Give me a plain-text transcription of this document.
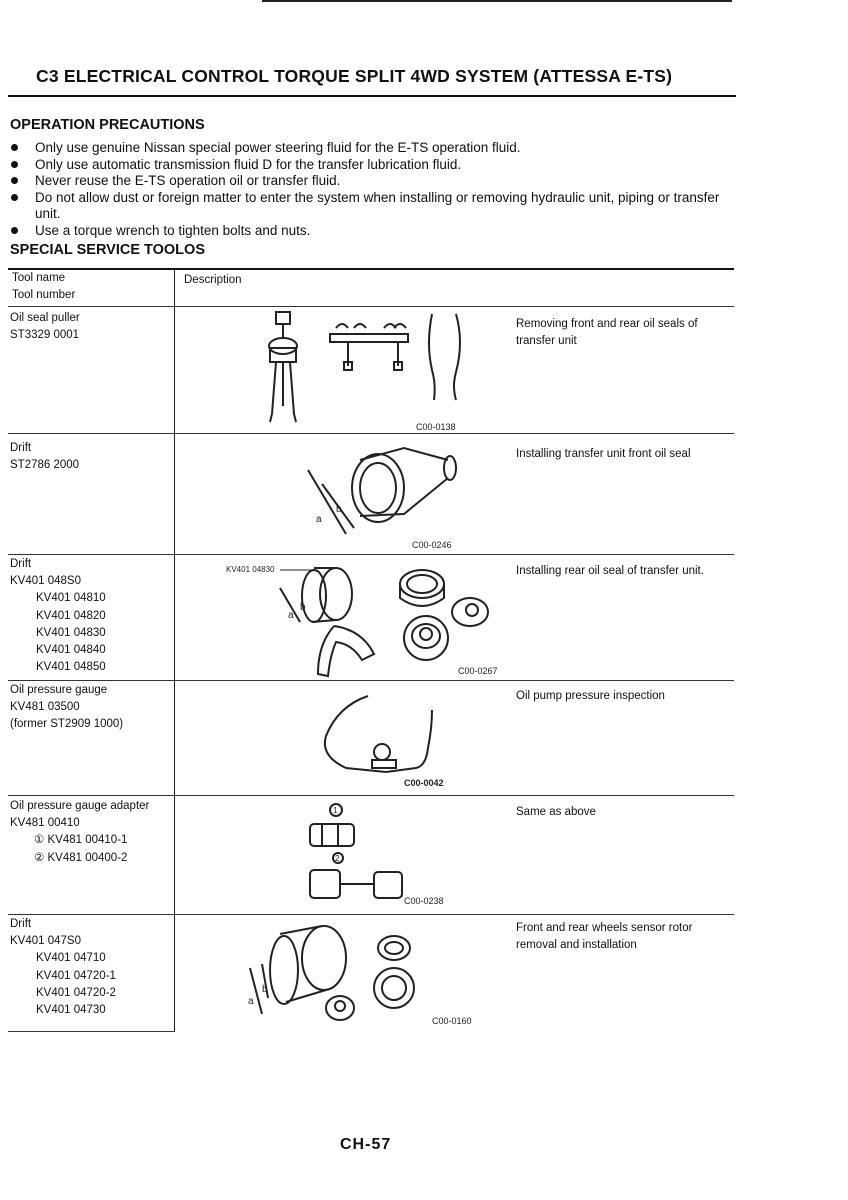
C3 ELECTRICAL CONTROL TORQUE SPLIT 4WD SYSTEM (ATTESSA E-TS)
OPERATION PRECAUTIONS
Only use genuine Nissan special power steering fluid for the E-TS operation fluid.
Only use automatic transmission fluid D for the transfer lubrication fluid.
Never reuse the E-TS operation oil or transfer fluid.
Do not allow dust or foreign matter to enter the system when installing or removing hydraulic unit, piping or transfer unit.
Use a torque wrench to tighten bolts and nuts.
SPECIAL SERVICE TOOLOS
Tool name
Tool number
Description
Oil seal puller
ST3329 0001
C00-0138
Removing front and rear oil seals of transfer unit
Drift
ST2786 2000
a
b
C00-0246
Installing transfer unit front oil seal
Drift
KV401 048S0
KV401 04810
KV401 04820
KV401 04830
KV401 04840
KV401 04850
KV401 04830
a
b
C00-0267
Installing rear oil seal of transfer unit.
Oil pressure gauge
KV481 03500
(former ST2909 1000)
C00-0042
Oil pump pressure inspection
Oil pressure gauge adapter
KV481 00410
① KV481 00410-1
② KV481 00400-2
1
2
C00-0238
Same as above
Drift
KV401 047S0
KV401 04710
KV401 04720-1
KV401 04720-2
KV401 04730
a
b
C00-0160
Front and rear wheels sensor rotor removal and installation
CH-57
